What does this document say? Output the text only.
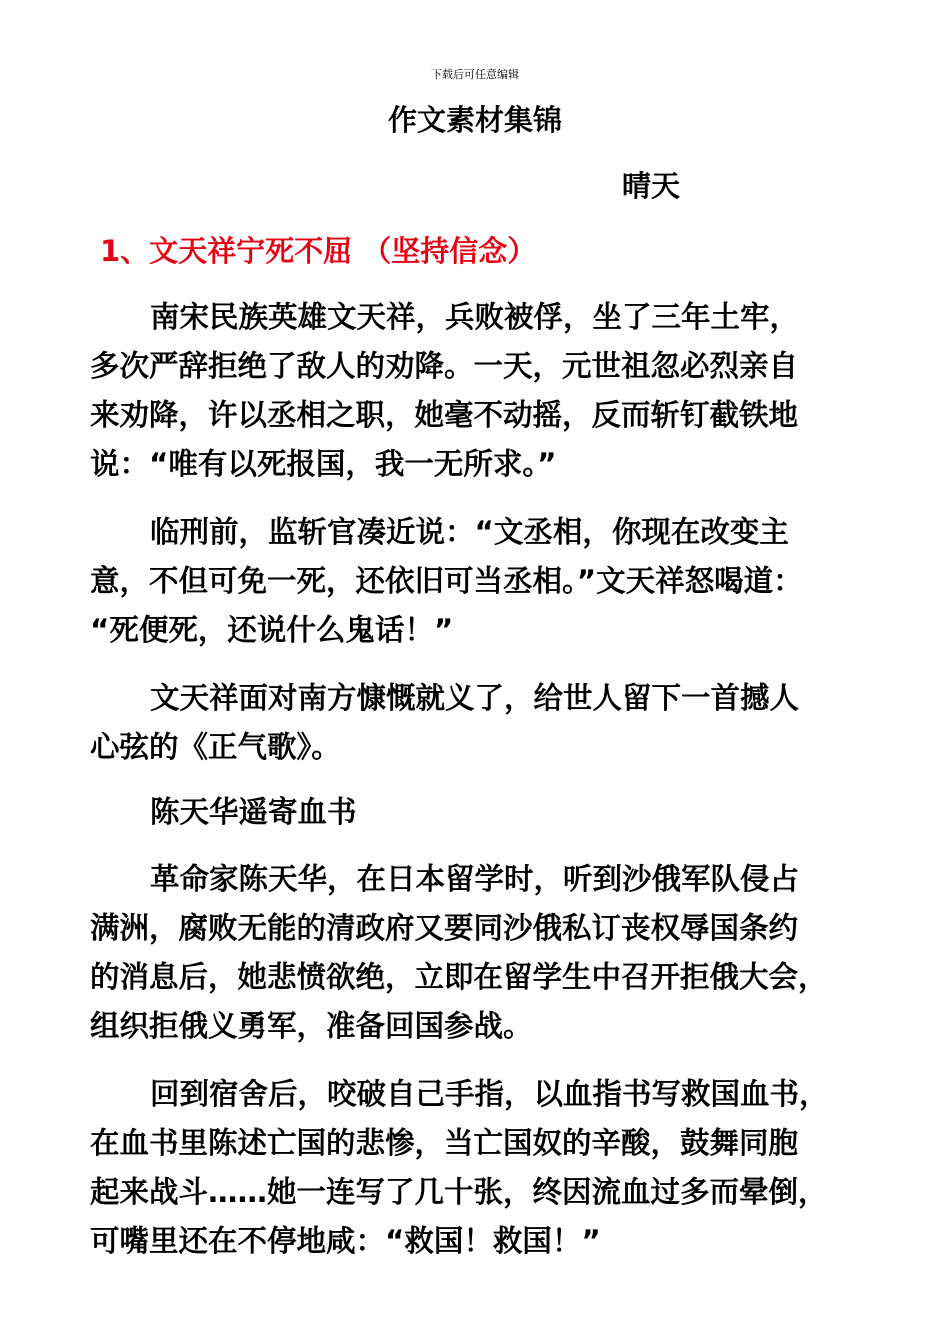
下载后可任意编辑
作文素材集锦
晴天
1、文天祥宁死不屈 （坚持信念）

南宋民族英雄文天祥，兵败被俘，坐了三年土牢，
多次严辞拒绝了敌人的劝降。一天，元世祖忽必烈亲自
来劝降，许以丞相之职，她毫不动摇，反而斩钉截铁地
说：“唯有以死报国，我一无所求。”

临刑前，监斩官凑近说：“文丞相，你现在改变主
意，不但可免一死，还依旧可当丞相。”文天祥怒喝道：
“死便死，还说什么鬼话！”

文天祥面对南方慷慨就义了，给世人留下一首撼人
心弦的《正气歌》。

陈天华遥寄血书

革命家陈天华，在日本留学时，听到沙俄军队侵占
满洲，腐败无能的清政府又要同沙俄私订丧权辱国条约
的消息后，她悲愤欲绝，立即在留学生中召开拒俄大会，
组织拒俄义勇军，准备回国参战。

回到宿舍后，咬破自己手指，以血指书写救国血书，
在血书里陈述亡国的悲惨，当亡国奴的辛酸，鼓舞同胞
起来战斗……她一连写了几十张，终因流血过多而晕倒，
可嘴里还在不停地咸：“救国！救国！”
